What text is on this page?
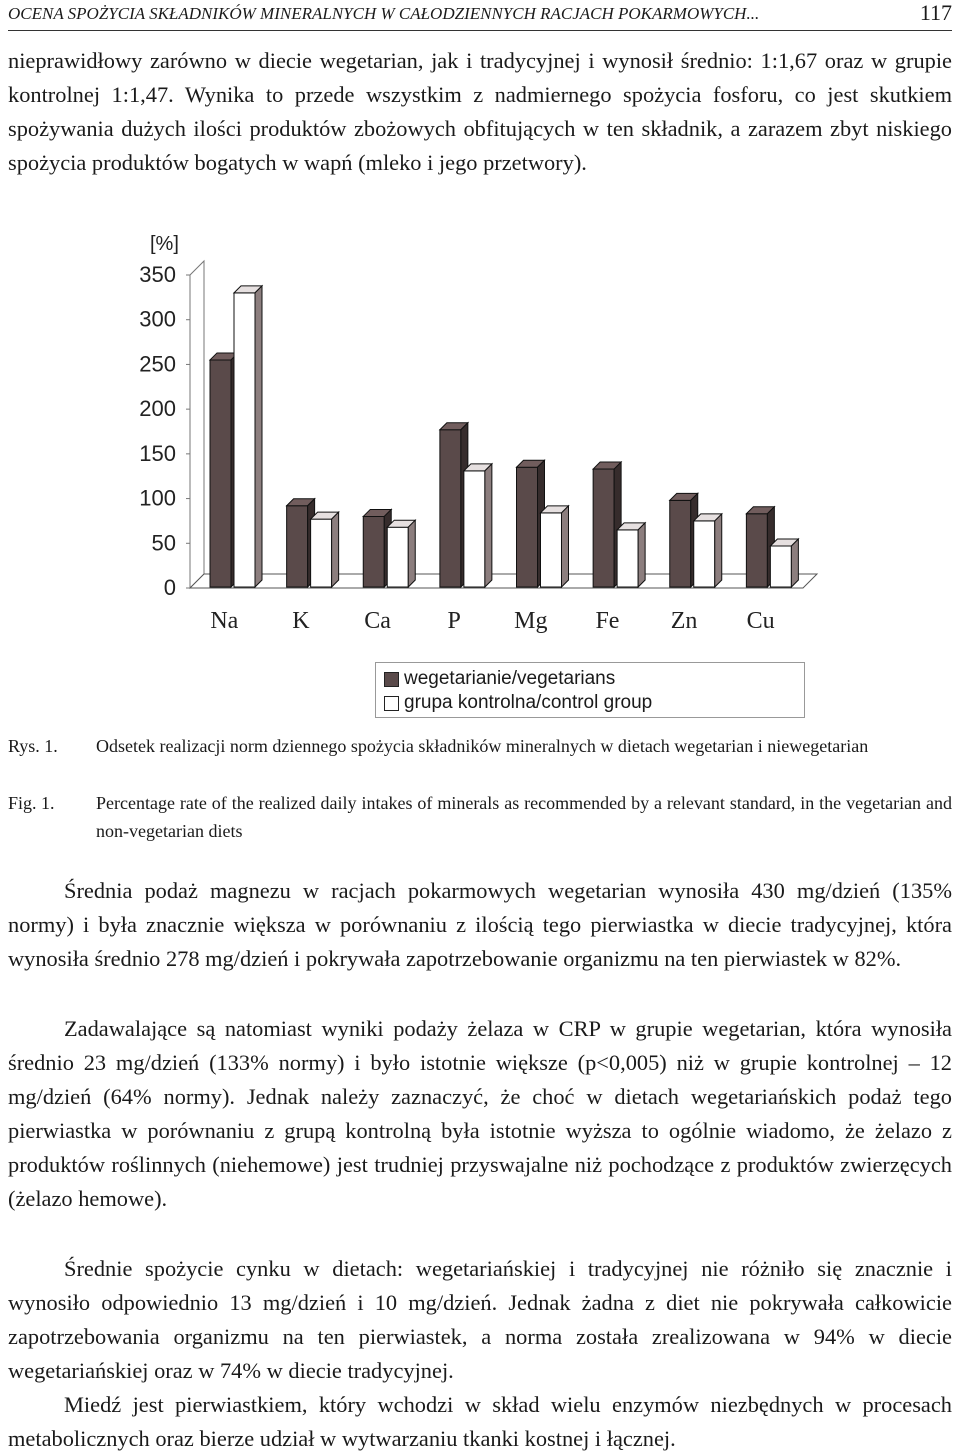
OCENA SPOŻYCIA SKŁADNIKÓW MINERALNYCH W CAŁODZIENNYCH RACJACH POKARMOWYCH...	117

nieprawidłowy zarówno w diecie wegetarian, jak i tradycyjnej i wynosił średnio: 1:1,67 oraz w grupie kontrolnej 1:1,47. Wynika to przede wszystkim z nadmiernego spożycia fosforu, co jest skutkiem spożywania dużych ilości produktów zbożowych obfitujących w ten składnik, a zarazem zbyt niskiego spożycia produktów bogatych w wapń (mleko i jego przetwory).

[%]
0
50
100
150
200
250
300
350
Na K Ca P Mg Fe Zn Cu
wegetarianie/vegetarians
grupa kontrolna/control group
Rys. 1. Odsetek realizacji norm dziennego spożycia składników mineralnych w dietach wegetarian i niewegetarian
Fig. 1. Percentage rate of the realized daily intakes of minerals as recommended by a relevant standard, in the vegetarian and non-vegetarian diets

Średnia podaż magnezu w racjach pokarmowych wegetarian wynosiła 430 mg/dzień (135% normy) i była znacznie większa w porównaniu z ilością tego pierwiastka w diecie tradycyjnej, która wynosiła średnio 278 mg/dzień i pokrywała zapotrzebowanie organizmu na ten pierwiastek w 82%.

Zadawalające są natomiast wyniki podaży żelaza w CRP w grupie wegetarian, która wynosiła średnio 23 mg/dzień (133% normy) i było istotnie większe (p<0,005) niż w grupie kontrolnej – 12 mg/dzień (64% normy). Jednak należy zaznaczyć, że choć w dietach wegetariańskich podaż tego pierwiastka w porównaniu z grupą kontrolną była istotnie wyższa to ogólnie wiadomo, że żelazo z produktów roślinnych (niehemowe) jest trudniej przyswajalne niż pochodzące z produktów zwierzęcych (żelazo hemowe).

Średnie spożycie cynku w dietach: wegetariańskiej i tradycyjnej nie różniło się znacznie i wynosiło odpowiednio 13 mg/dzień i 10 mg/dzień. Jednak żadna z diet nie pokrywała całkowicie zapotrzebowania organizmu na ten pierwiastek, a norma została zrealizowana w 94% w diecie wegetariańskiej oraz w 74% w diecie tradycyjnej.

Miedź jest pierwiastkiem, który wchodzi w skład wielu enzymów niezbędnych w procesach metabolicznych oraz bierze udział w wytwarzaniu tkanki kostnej i łącznej.
